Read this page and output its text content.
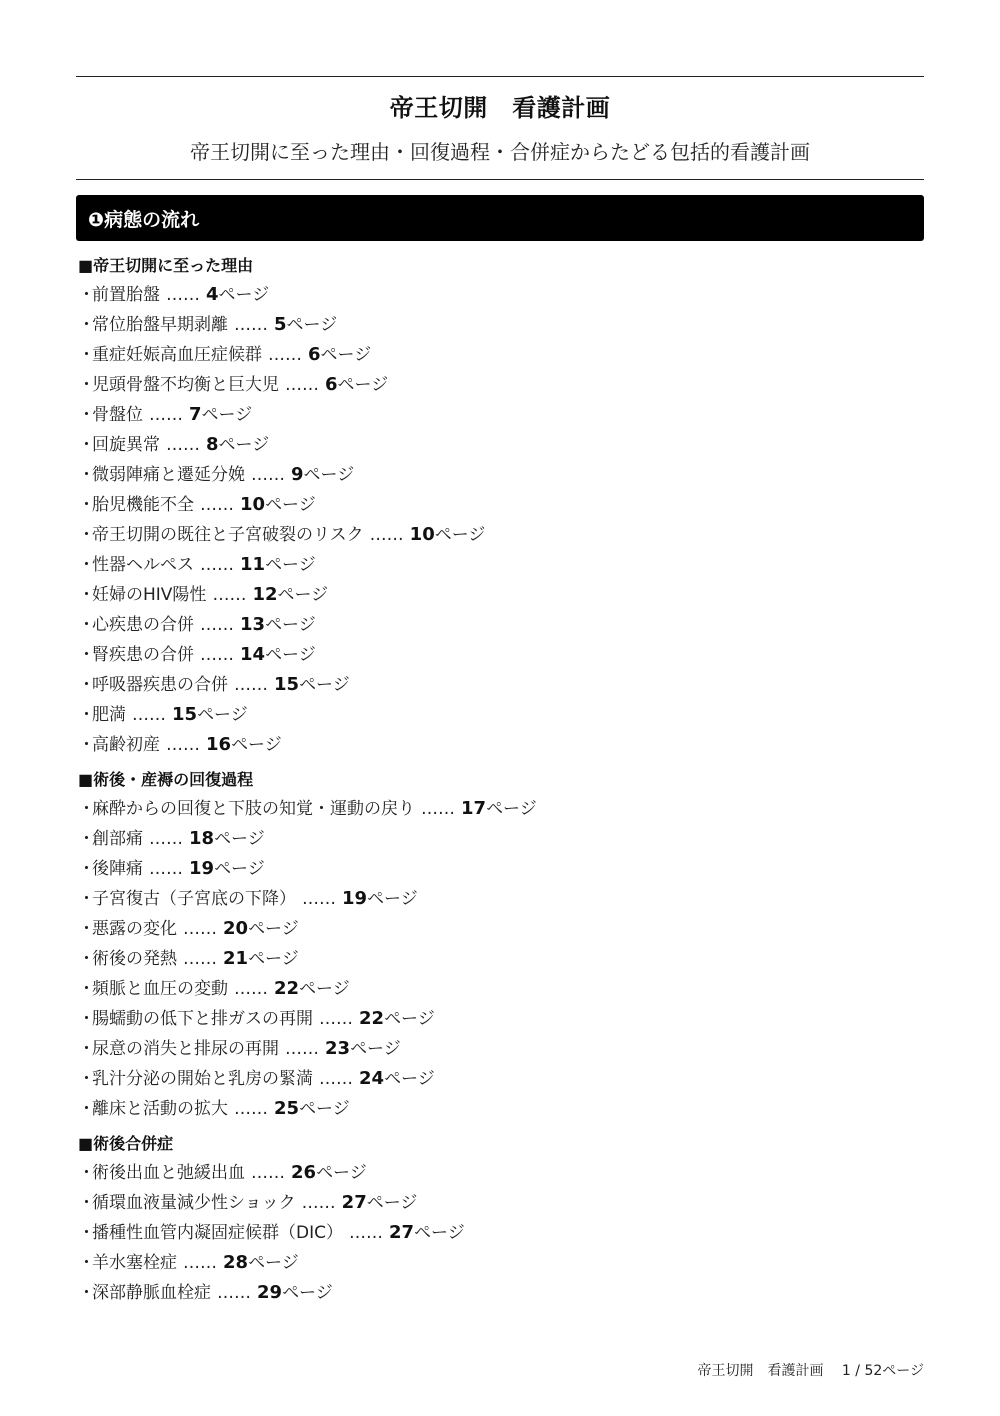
帝王切開　看護計画
帝王切開に至った理由・回復過程・合併症からたどる包括的看護計画
❶病態の流れ
■帝王切開に至った理由
・前置胎盤 …… 4ページ
・常位胎盤早期剥離 …… 5ページ
・重症妊娠高血圧症候群 …… 6ページ
・児頭骨盤不均衡と巨大児 …… 6ページ
・骨盤位 …… 7ページ
・回旋異常 …… 8ページ
・微弱陣痛と遷延分娩 …… 9ページ
・胎児機能不全 …… 10ページ
・帝王切開の既往と子宮破裂のリスク …… 10ページ
・性器ヘルペス …… 11ページ
・妊婦のHIV陽性 …… 12ページ
・心疾患の合併 …… 13ページ
・腎疾患の合併 …… 14ページ
・呼吸器疾患の合併 …… 15ページ
・肥満 …… 15ページ
・高齢初産 …… 16ページ
■術後・産褥の回復過程
・麻酔からの回復と下肢の知覚・運動の戻り …… 17ページ
・創部痛 …… 18ページ
・後陣痛 …… 19ページ
・子宮復古（子宮底の下降） …… 19ページ
・悪露の変化 …… 20ページ
・術後の発熱 …… 21ページ
・頻脈と血圧の変動 …… 22ページ
・腸蠕動の低下と排ガスの再開 …… 22ページ
・尿意の消失と排尿の再開 …… 23ページ
・乳汁分泌の開始と乳房の緊満 …… 24ページ
・離床と活動の拡大 …… 25ページ
■術後合併症
・術後出血と弛緩出血 …… 26ページ
・循環血液量減少性ショック …… 27ページ
・播種性血管内凝固症候群（DIC） …… 27ページ
・羊水塞栓症 …… 28ページ
・深部静脈血栓症 …… 29ページ
帝王切開　看護計画　 1 / 52ページ
